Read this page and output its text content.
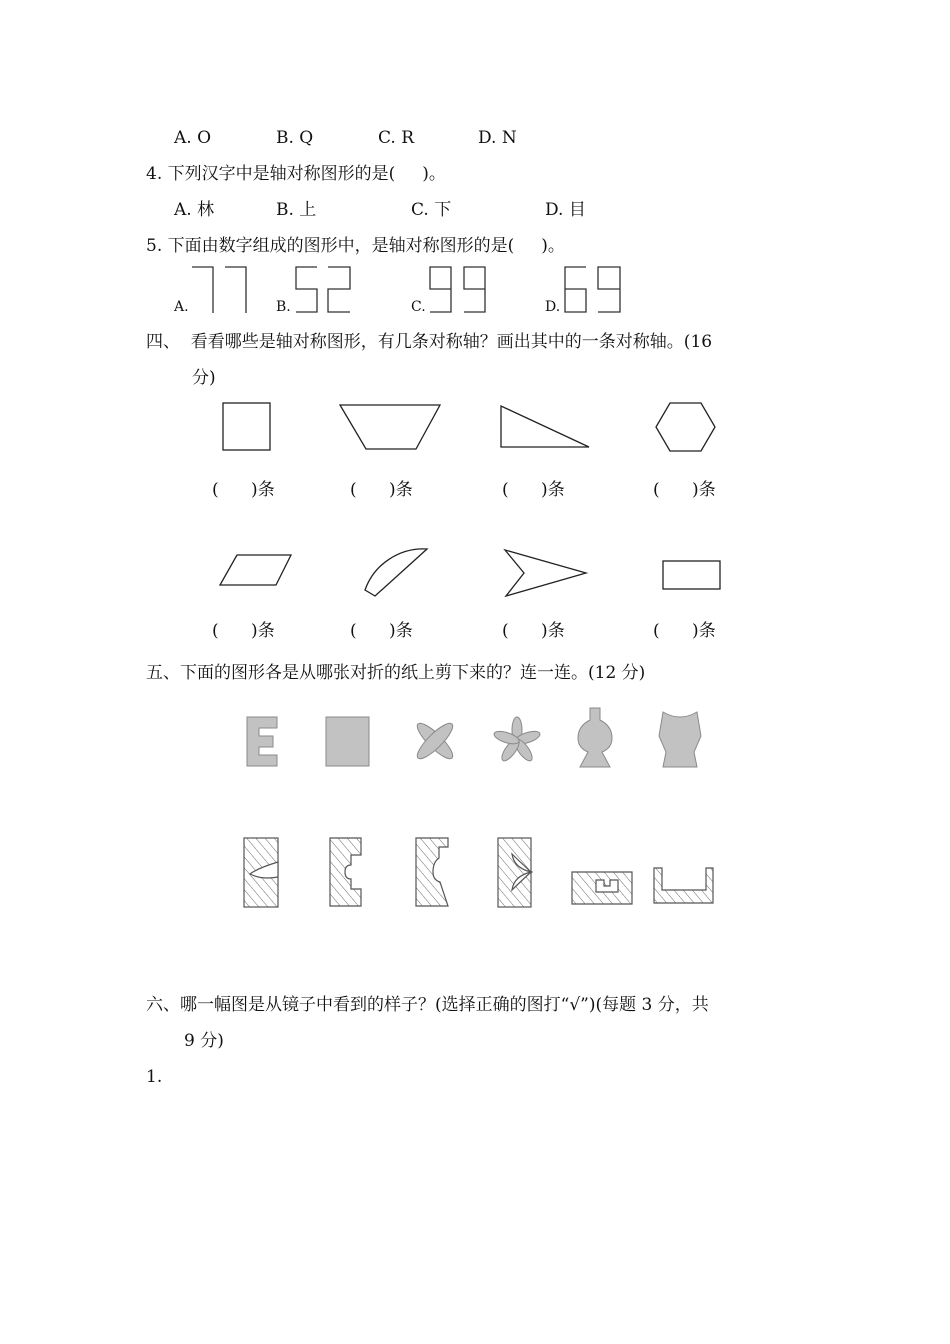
A. O	B. Q	C. R	D. N
4. 下列汉字中是轴对称图形的是(     )。
A. 林	B. 上	C. 下	D. 目
5. 下面由数字组成的图形中，是轴对称图形的是(     )。
A.	B.	C.	D.
四、  看看哪些是轴对称图形，有几条对称轴？画出其中的一条对称轴。(16
分)
(      )条	(      )条	(      )条	(      )条
(      )条	(      )条	(      )条	(      )条
五、下面的图形各是从哪张对折的纸上剪下来的？连一连。(12 分)
六、哪一幅图是从镜子中看到的样子？(选择正确的图打“√”)(每题 3 分，共
9 分)
1.
